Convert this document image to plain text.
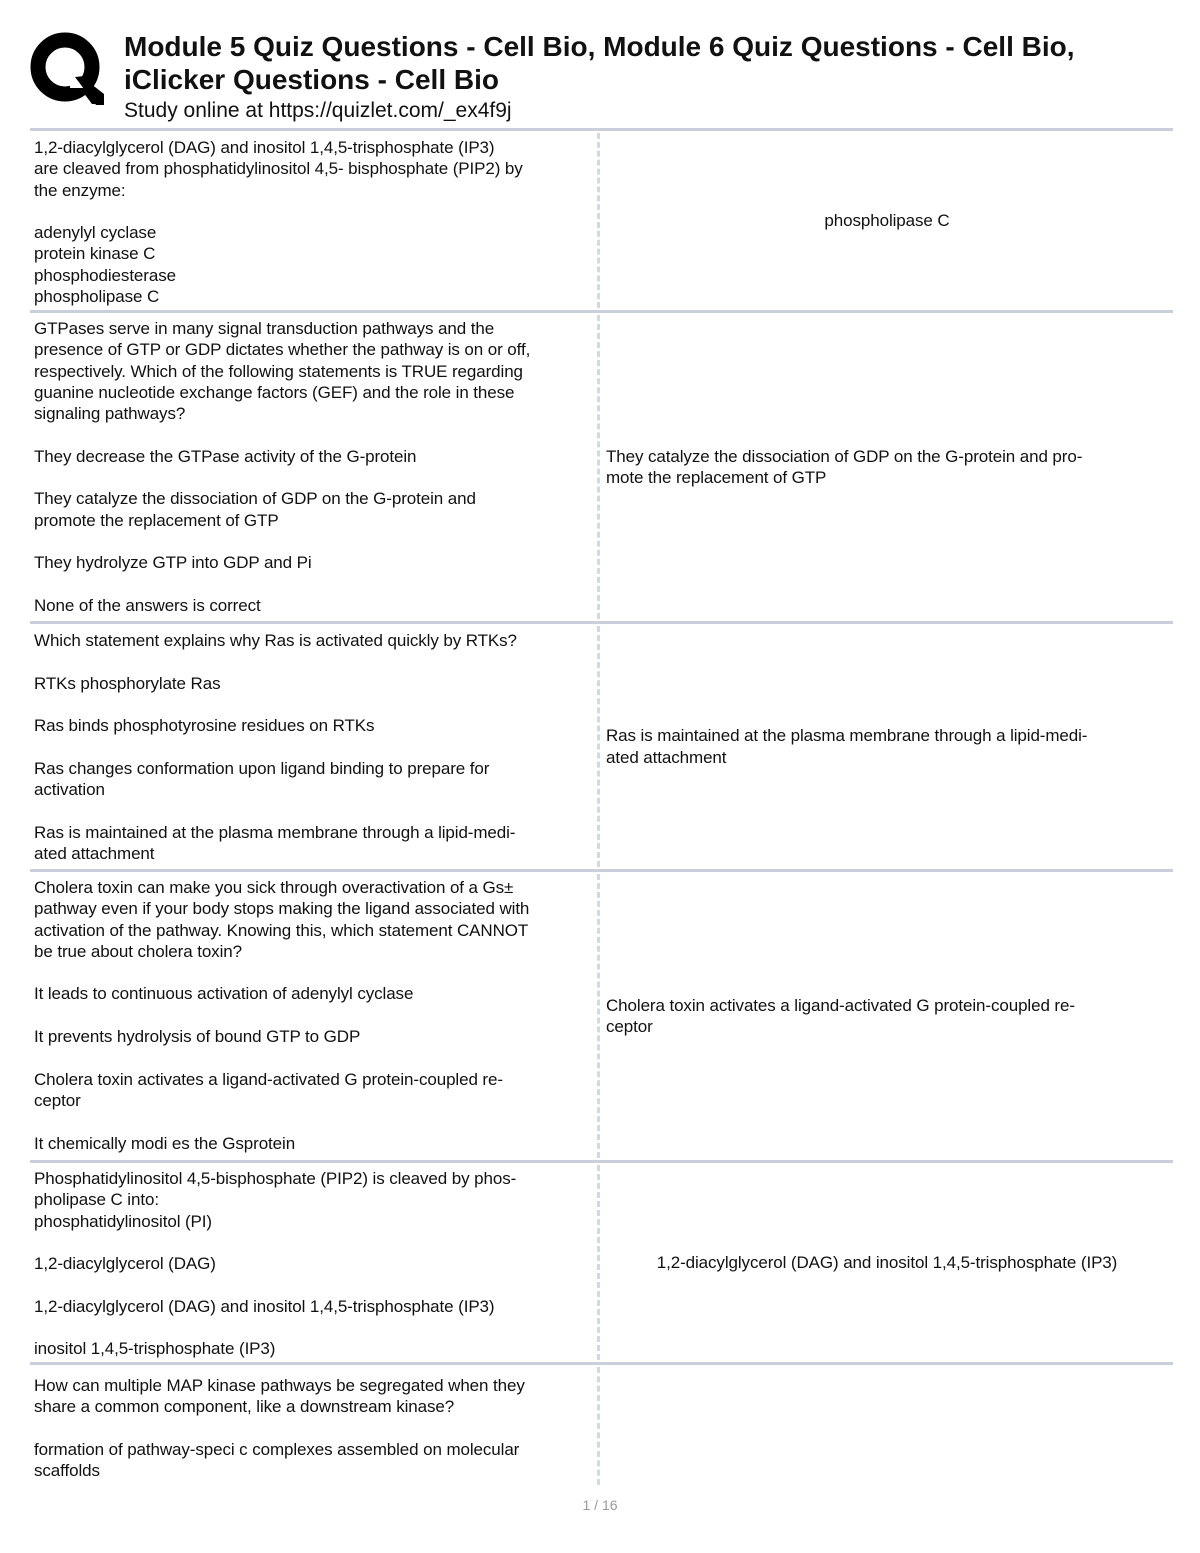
Module 5 Quiz Questions - Cell Bio, Module 6 Quiz Questions - Cell Bio,
iClicker Questions - Cell Bio
Study online at https://quizlet.com/_ex4f9j
1,2-diacylglycerol (DAG) and inositol 1,4,5-trisphosphate (IP3)
are cleaved from phosphatidylinositol 4,5- bisphosphate (PIP2) by
the enzyme:

adenylyl cyclase
protein kinase C
phosphodiesterase
phospholipase C
phospholipase C
GTPases serve in many signal transduction pathways and the
presence of GTP or GDP dictates whether the pathway is on or off,
respectively. Which of the following statements is TRUE regarding
guanine nucleotide exchange factors (GEF) and the role in these
signaling pathways?

They decrease the GTPase activity of the G-protein

They catalyze the dissociation of GDP on the G-protein and
promote the replacement of GTP

They hydrolyze GTP into GDP and Pi

None of the answers is correct
They catalyze the dissociation of GDP on the G-protein and pro-
mote the replacement of GTP
Which statement explains why Ras is activated quickly by RTKs?

RTKs phosphorylate Ras

Ras binds phosphotyrosine residues on RTKs

Ras changes conformation upon ligand binding to prepare for
activation

Ras is maintained at the plasma membrane through a lipid-medi-
ated attachment
Ras is maintained at the plasma membrane through a lipid-medi-
ated attachment
Cholera toxin can make you sick through overactivation of a Gs±
pathway even if your body stops making the ligand associated with
activation of the pathway. Knowing this, which statement CANNOT
be true about cholera toxin?

It leads to continuous activation of adenylyl cyclase

It prevents hydrolysis of bound GTP to GDP

Cholera toxin activates a ligand-activated G protein-coupled re-
ceptor

It chemically modi es the Gsprotein
Cholera toxin activates a ligand-activated G protein-coupled re-
ceptor
Phosphatidylinositol 4,5-bisphosphate (PIP2) is cleaved by phos-
pholipase C into:
phosphatidylinositol (PI)

1,2-diacylglycerol (DAG)

1,2-diacylglycerol (DAG) and inositol 1,4,5-trisphosphate (IP3)

inositol 1,4,5-trisphosphate (IP3)
1,2-diacylglycerol (DAG) and inositol 1,4,5-trisphosphate (IP3)
How can multiple MAP kinase pathways be segregated when they
share a common component, like a downstream kinase?

formation of pathway-speci c complexes assembled on molecular
scaffolds
1 / 16
